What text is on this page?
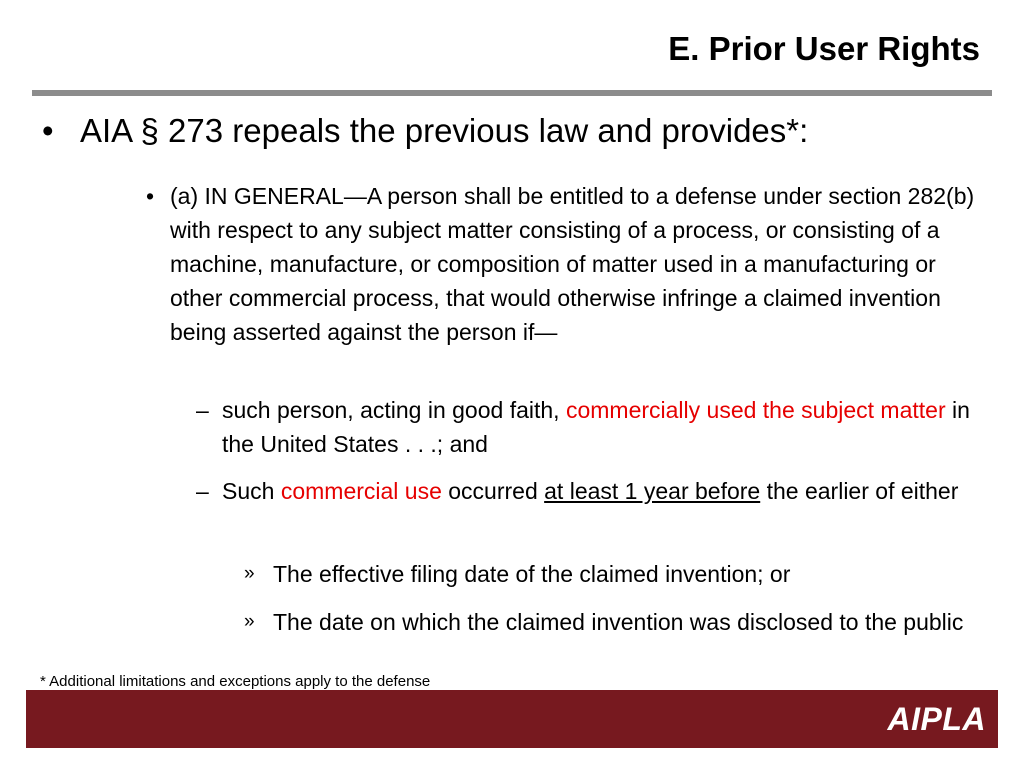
E. Prior User Rights
• AIA § 273 repeals the previous law and provides*:
• (a) IN GENERAL—A person shall be entitled to a defense under section 282(b) with respect to any subject matter consisting of a process, or consisting of a machine, manufacture, or composition of matter used in a manufacturing or other commercial process, that would otherwise infringe a claimed invention being asserted against the person if—
– such person, acting in good faith, commercially used the subject matter in the United States . . .; and
– Such commercial use occurred at least 1 year before the earlier of either
» The effective filing date of the claimed invention; or
» The date on which the claimed invention was disclosed to the public
* Additional limitations and exceptions apply to the defense
AIPLA
